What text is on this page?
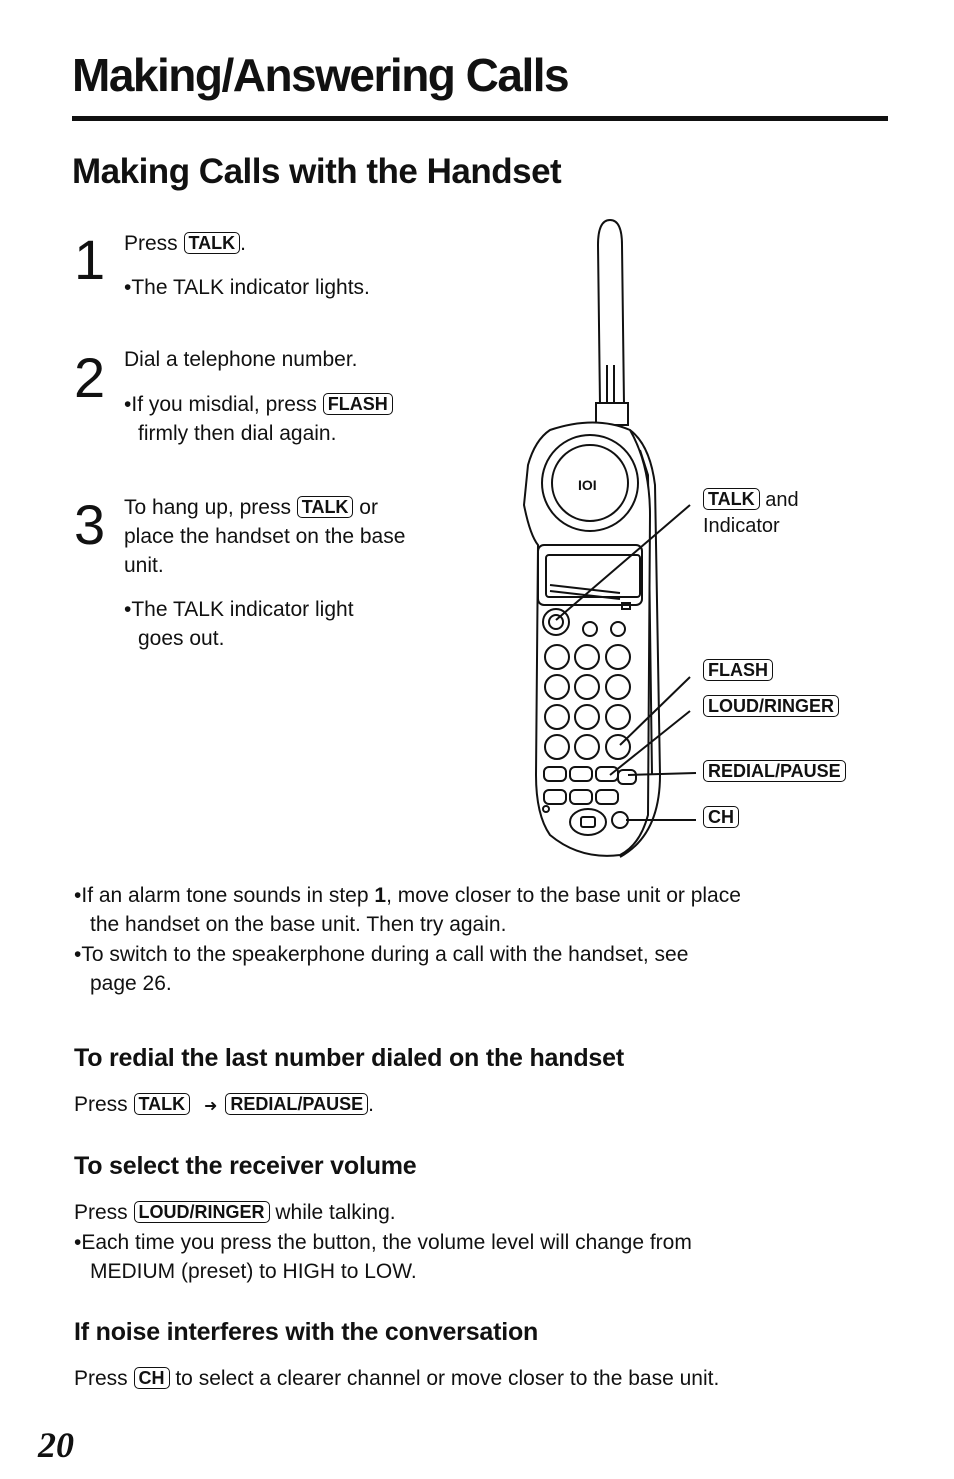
Making/Answering Calls
Making Calls with the Handset
1 Press TALK .
•The TALK indicator lights.
2 Dial a telephone number.
•If you misdial, press FLASH
firmly then dial again.
3 To hang up, press TALK or
place the handset on the base
unit.
•The TALK indicator light
goes out.
IOI
TALK and
Indicator
FLASH
LOUD/RINGER
REDIAL/PAUSE
CH
•If an alarm tone sounds in step 1, move closer to the base unit or place
the handset on the base unit. Then try again.
•To switch to the speakerphone during a call with the handset, see
page 26.
To redial the last number dialed on the handset
Press TALK ➜ REDIAL/PAUSE .
To select the receiver volume
Press LOUD/RINGER while talking.
•Each time you press the button, the volume level will change from
MEDIUM (preset) to HIGH to LOW.
If noise interferes with the conversation
Press CH to select a clearer channel or move closer to the base unit.
20
